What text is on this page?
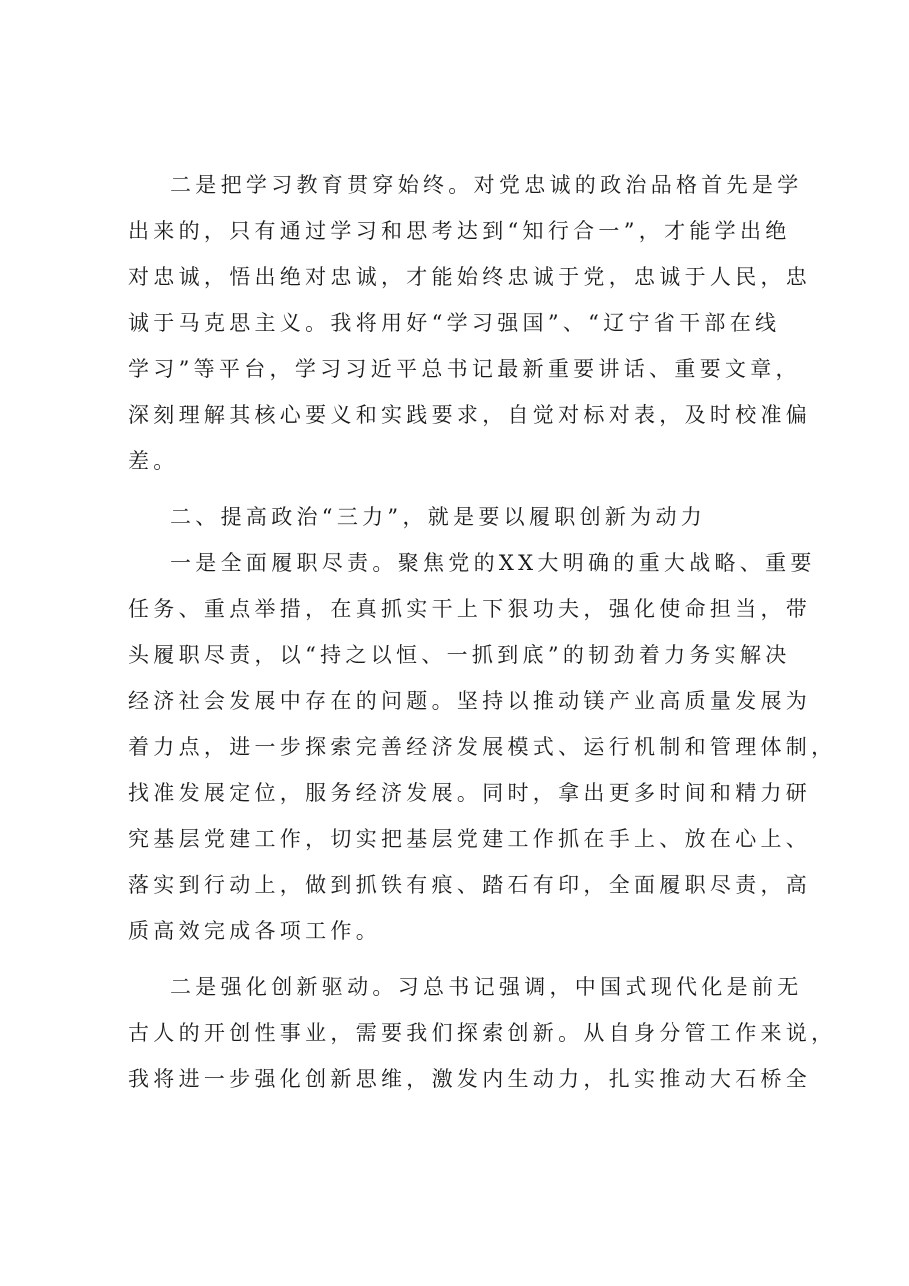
二是把学习教育贯穿始终。对党忠诚的政治品格首先是学
出来的，只有通过学习和思考达到“知行合一”，才能学出绝
对忠诚，悟出绝对忠诚，才能始终忠诚于党，忠诚于人民，忠
诚于马克思主义。我将用好“学习强国”、“辽宁省干部在线
学习”等平台，学习习近平总书记最新重要讲话、重要文章，
深刻理解其核心要义和实践要求，自觉对标对表，及时校准偏
差。
二、提高政治“三力”，就是要以履职创新为动力
一是全面履职尽责。聚焦党的XX大明确的重大战略、重要
任务、重点举措，在真抓实干上下狠功夫，强化使命担当，带
头履职尽责，以“持之以恒、一抓到底”的韧劲着力务实解决
经济社会发展中存在的问题。坚持以推动镁产业高质量发展为
着力点，进一步探索完善经济发展模式、运行机制和管理体制，
找准发展定位，服务经济发展。同时，拿出更多时间和精力研
究基层党建工作，切实把基层党建工作抓在手上、放在心上、
落实到行动上，做到抓铁有痕、踏石有印，全面履职尽责，高
质高效完成各项工作。
二是强化创新驱动。习总书记强调，中国式现代化是前无
古人的开创性事业，需要我们探索创新。从自身分管工作来说，
我将进一步强化创新思维，激发内生动力，扎实推动大石桥全
